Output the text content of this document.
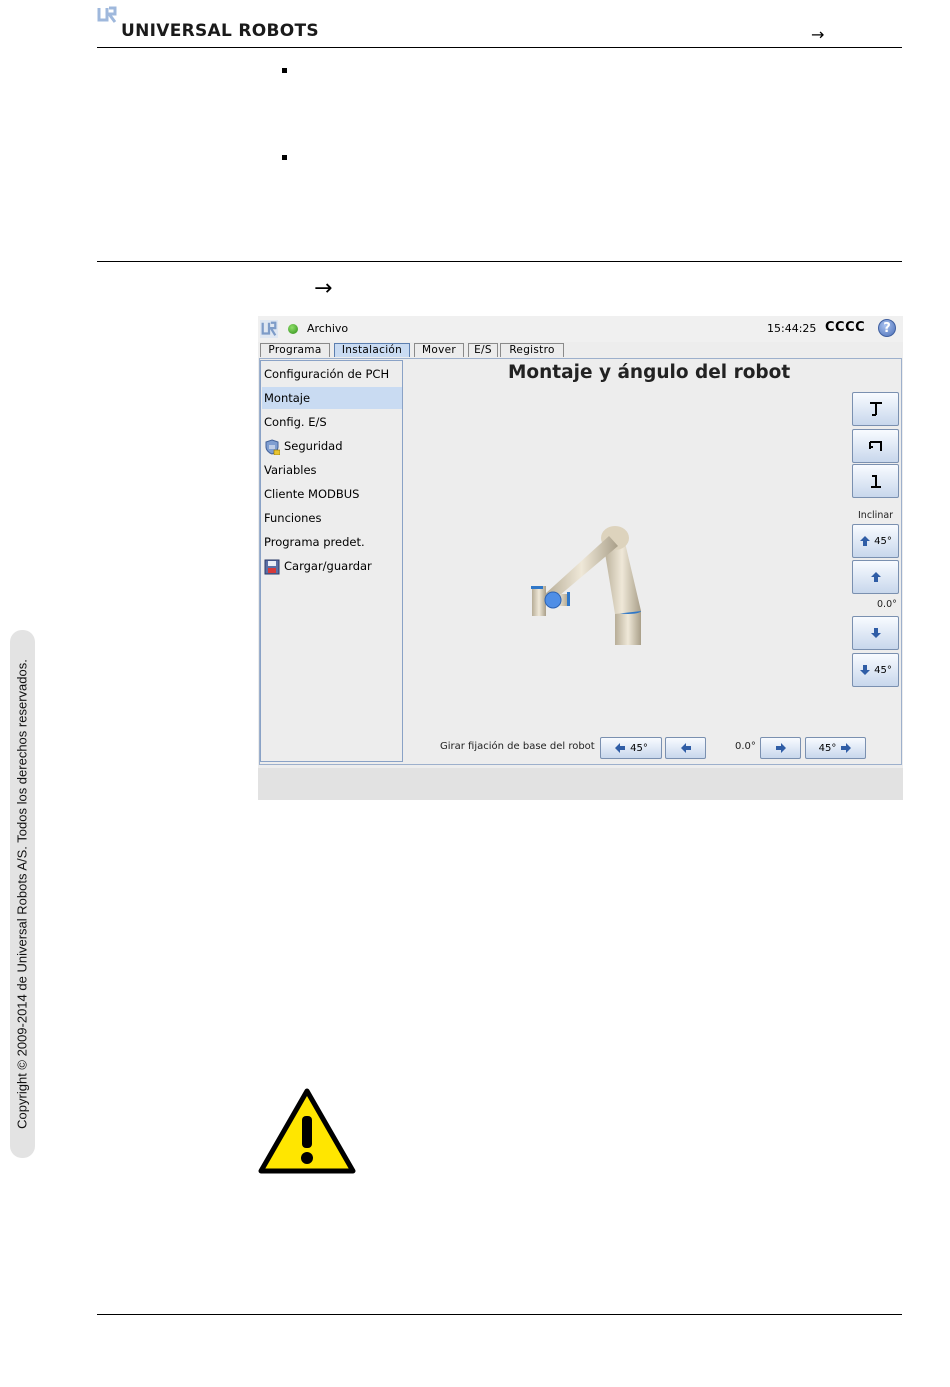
UNIVERSAL ROBOTS	→
→
Copyright © 2009-2014 de Universal Robots A/S. Todos los derechos reservados.
Archivo	15:44:25 CCCC	?
Programa	Instalación	Mover	E/S	Registro
Configuración de PCH
Montaje
Config. E/S
Seguridad
Variables
Cliente MODBUS
Funciones
Programa predet.
Cargar/guardar
Montaje y ángulo del robot
Inclinar
45°
0.0°
45°
Girar fijación de base del robot	45°	0.0°	45°
